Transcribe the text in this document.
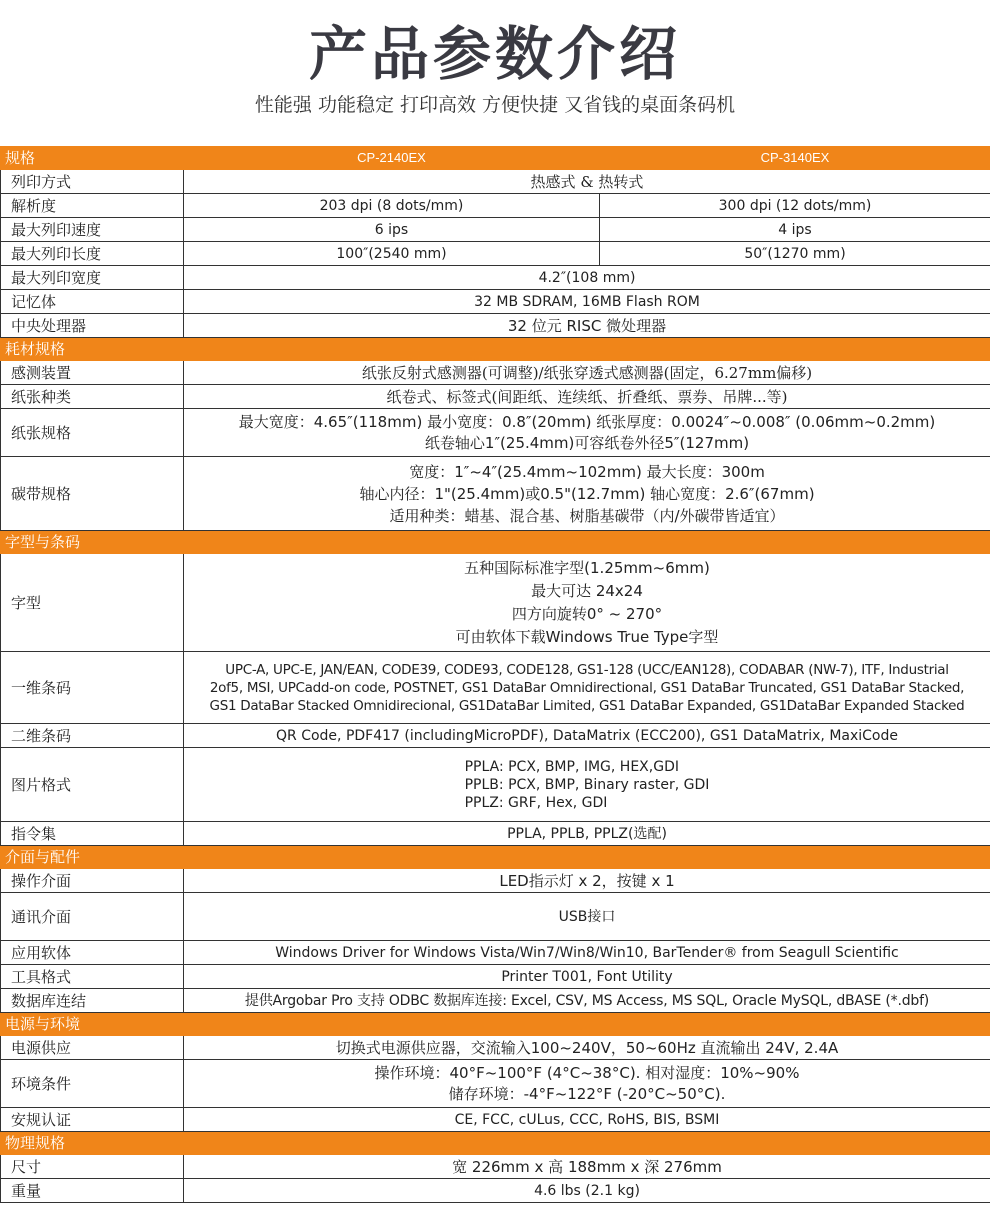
产品参数介绍
性能强 功能稳定 打印高效 方便快捷 又省钱的桌面条码机
规格	CP-2140EX	CP-3140EX
列印方式	热感式 & 热转式	
解析度	203 dpi (8 dots/mm)	300 dpi (12 dots/mm)
最大列印速度	6 ips	4 ips
最大列印长度	100″(2540 mm)	50″(1270 mm)
最大列印宽度	4.2″(108 mm)	
记忆体	32 MB SDRAM, 16MB Flash ROM	
中央处理器	32 位元 RISC 微处理器	
耗材规格		
感测装置	纸张反射式感测器(可调整)/纸张穿透式感测器(固定，6.27mm偏移)	
纸张种类	纸卷式、标签式(间距纸、连续纸、折叠纸、票券、吊牌...等)	
纸张规格	最大宽度：4.65″(118mm) 最小宽度：0.8″(20mm) 纸张厚度：0.0024″~0.008″ (0.06mm~0.2mm)
纸卷轴心1″(25.4mm)可容纸卷外径5″(127mm)	

碳带规格	宽度：1″~4″(25.4mm~102mm) 最大长度：300m
轴心内径：1"(25.4mm)或0.5"(12.7mm) 轴心宽度：2.6″(67mm)
适用种类：蜡基、混合基、树脂基碳带（内/外碳带皆适宜）	

字型与条码		
字型	五种国际标准字型(1.25mm~6mm)
最大可达 24x24
四方向旋转0° ~ 270°
可由软体下载Windows True Type字型	

一维条码	UPC-A, UPC-E, JAN/EAN, CODE39, CODE93, CODE128, GS1-128 (UCC/EAN128), CODABAR (NW-7), ITF, Industrial
2of5, MSI, UPCadd-on code, POSTNET, GS1 DataBar Omnidirectional, GS1 DataBar Truncated, GS1 DataBar Stacked,
GS1 DataBar Stacked Omnidirecional, GS1DataBar Limited, GS1 DataBar Expanded, GS1DataBar Expanded Stacked	

二维条码	QR Code, PDF417 (includingMicroPDF), DataMatrix (ECC200), GS1 DataMatrix, MaxiCode	
图片格式	PPLA: PCX, BMP, IMG, HEX,GDI
PPLB: PCX, BMP, Binary raster, GDI
PPLZ: GRF, Hex, GDI	

指令集	PPLA, PPLB, PPLZ(选配)	
介面与配件		
操作介面	LED指示灯 x 2，按键 x 1	
通讯介面	USB接口	
应用软体	Windows Driver for Windows Vista/Win7/Win8/Win10, BarTender® from Seagull Scientific	
工具格式	Printer T001, Font Utility	
数据库连结	提供Argobar Pro 支持 ODBC 数据库连接: Excel, CSV, MS Access, MS SQL, Oracle MySQL, dBASE (*.dbf)	
电源与环境		
电源供应	切换式电源供应器，交流输入100~240V，50~60Hz 直流输出 24V, 2.4A	
环境条件	操作环境：40°F~100°F (4°C~38°C). 相对湿度：10%~90%
储存环境：-4°F~122°F (-20°C~50°C).	

安规认证	CE, FCC, cULus, CCC, RoHS, BIS, BSMI	
物理规格		
尺寸	宽 226mm x 高 188mm x 深 276mm	
重量	4.6 lbs (2.1 kg)	
